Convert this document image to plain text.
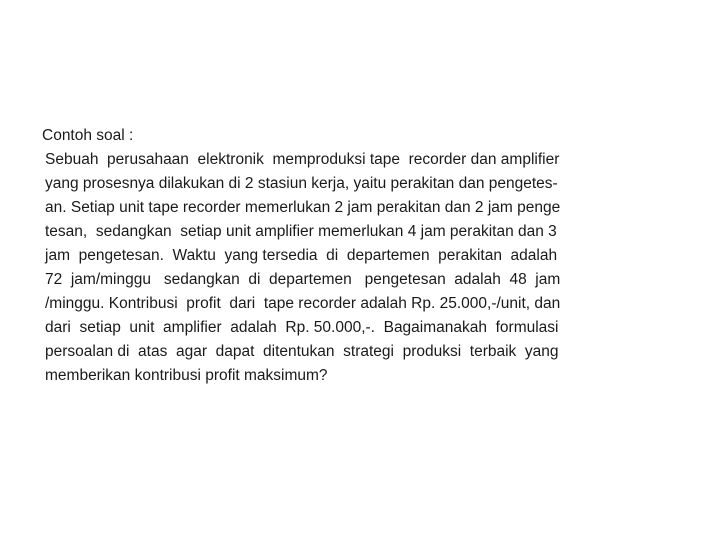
Contoh soal :
Sebuah  perusahaan  elektronik  memproduksi tape  recorder dan amplifier
yang prosesnya dilakukan di 2 stasiun kerja, yaitu perakitan dan pengetes-
an. Setiap unit tape recorder memerlukan 2 jam perakitan dan 2 jam penge
tesan,  sedangkan  setiap unit amplifier memerlukan 4 jam perakitan dan 3
jam  pengetesan.  Waktu  yang tersedia  di  departemen  perakitan  adalah
72  jam/minggu   sedangkan  di  departemen   pengetesan  adalah  48  jam
/minggu. Kontribusi  profit  dari  tape recorder adalah Rp. 25.000,-/unit, dan
dari  setiap  unit  amplifier  adalah  Rp. 50.000,-.  Bagaimanakah  formulasi
persoalan di  atas  agar  dapat  ditentukan  strategi  produksi  terbaik  yang
memberikan kontribusi profit maksimum?
